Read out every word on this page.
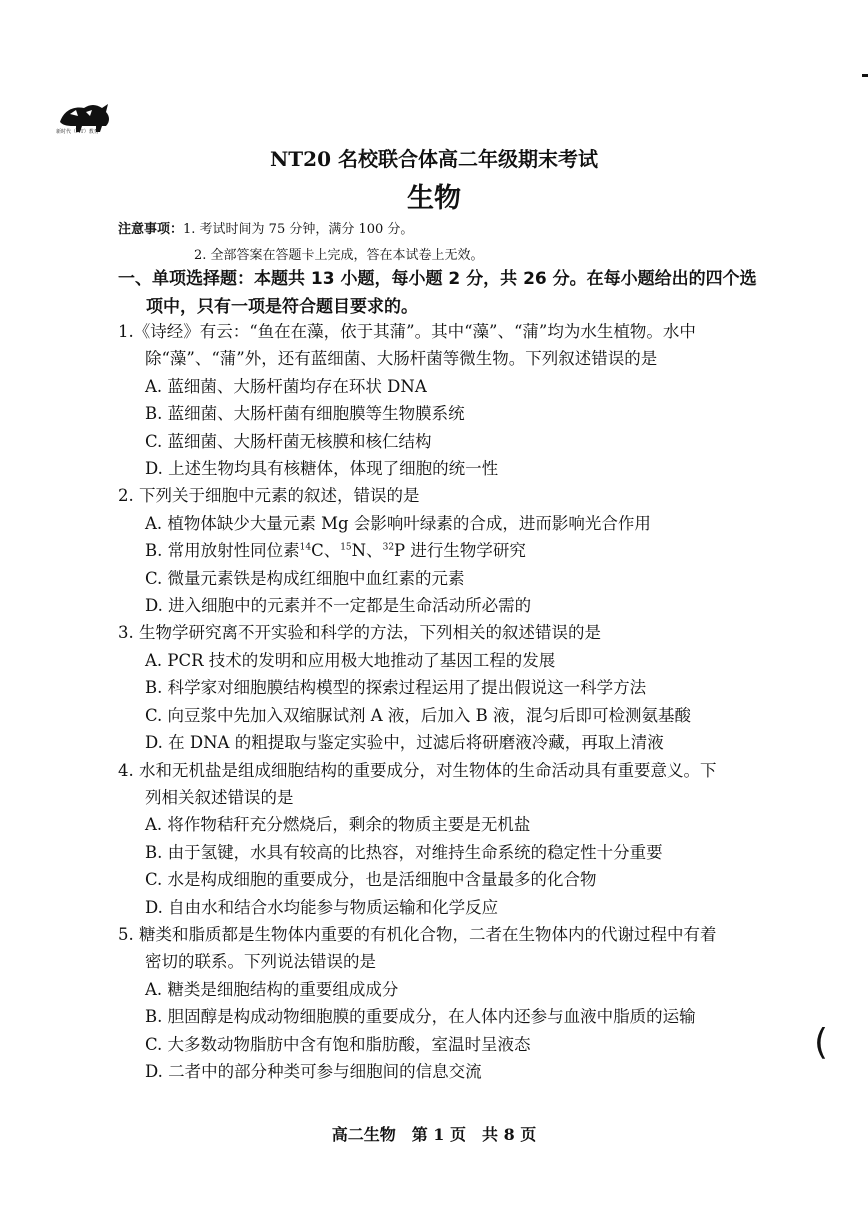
新时代（NT）教育
NT20 名校联合体高二年级期末考试
生物
注意事项：1. 考试时间为 75 分钟，满分 100 分。
2. 全部答案在答题卡上完成，答在本试卷上无效。
一、单项选择题：本题共 13 小题，每小题 2 分，共 26 分。在每小题给出的四个选
项中，只有一项是符合题目要求的。
1.《诗经》有云：“鱼在在藻，依于其蒲”。其中“藻”、“蒲”均为水生植物。水中
除“藻”、“蒲”外，还有蓝细菌、大肠杆菌等微生物。下列叙述错误的是
A. 蓝细菌、大肠杆菌均存在环状 DNA
B. 蓝细菌、大肠杆菌有细胞膜等生物膜系统
C. 蓝细菌、大肠杆菌无核膜和核仁结构
D. 上述生物均具有核糖体，体现了细胞的统一性
2. 下列关于细胞中元素的叙述，错误的是
A. 植物体缺少大量元素 Mg 会影响叶绿素的合成，进而影响光合作用
B. 常用放射性同位素$^{14}$C、$^{15}$N、$^{32}$P 进行生物学研究
C. 微量元素铁是构成红细胞中血红素的元素
D. 进入细胞中的元素并不一定都是生命活动所必需的
3. 生物学研究离不开实验和科学的方法，下列相关的叙述错误的是
A. PCR 技术的发明和应用极大地推动了基因工程的发展
B. 科学家对细胞膜结构模型的探索过程运用了提出假说这一科学方法
C. 向豆浆中先加入双缩脲试剂 A 液，后加入 B 液，混匀后即可检测氨基酸
D. 在 DNA 的粗提取与鉴定实验中，过滤后将研磨液冷藏，再取上清液
4. 水和无机盐是组成细胞结构的重要成分，对生物体的生命活动具有重要意义。下
列相关叙述错误的是
A. 将作物秸秆充分燃烧后，剩余的物质主要是无机盐
B. 由于氢键，水具有较高的比热容，对维持生命系统的稳定性十分重要
C. 水是构成细胞的重要成分，也是活细胞中含量最多的化合物
D. 自由水和结合水均能参与物质运输和化学反应
5. 糖类和脂质都是生物体内重要的有机化合物，二者在生物体内的代谢过程中有着
密切的联系。下列说法错误的是
A. 糖类是细胞结构的重要组成成分
B. 胆固醇是构成动物细胞膜的重要成分，在人体内还参与血液中脂质的运输
C. 大多数动物脂肪中含有饱和脂肪酸，室温时呈液态
D. 二者中的部分种类可参与细胞间的信息交流
(
高二生物　第 1 页　共 8 页
